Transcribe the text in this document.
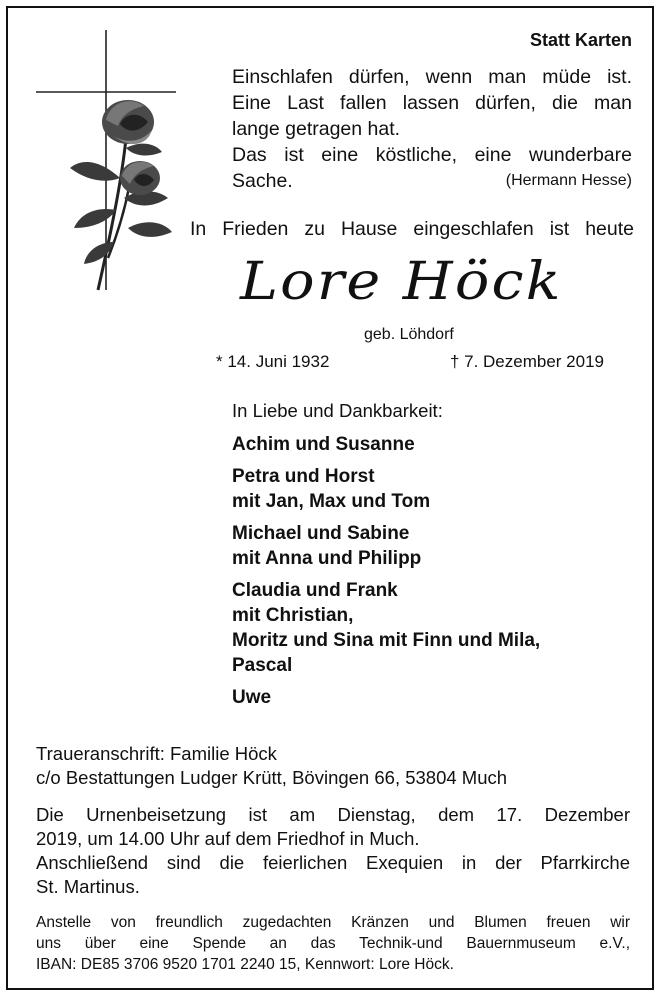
Statt Karten
Einschlafen dürfen, wenn man müde ist.
Eine Last fallen lassen dürfen, die man
lange getragen hat.
Das ist eine köstliche, eine wunderbare
Sache.	(Hermann Hesse)
In Frieden zu Hause eingeschlafen ist heute
Lore Höck
geb. Löhdorf
* 14. Juni 1932	† 7. Dezember 2019
In Liebe und Dankbarkeit:
Achim und Susanne
Petra und Horst
mit Jan, Max und Tom
Michael und Sabine
mit Anna und Philipp
Claudia und Frank
mit Christian,
Moritz und Sina mit Finn und Mila,
Pascal
Uwe
Traueranschrift: Familie Höck
c/o Bestattungen Ludger Krütt, Bövingen 66, 53804 Much
Die Urnenbeisetzung ist am Dienstag, dem 17. Dezember
2019, um 14.00 Uhr auf dem Friedhof in Much.
Anschließend sind die feierlichen Exequien in der Pfarrkirche
St. Martinus.
Anstelle von freundlich zugedachten Kränzen und Blumen freuen wir
uns über eine Spende an das Technik-und Bauernmuseum e.V.,
IBAN: DE85 3706 9520 1701 2240 15, Kennwort: Lore Höck.
